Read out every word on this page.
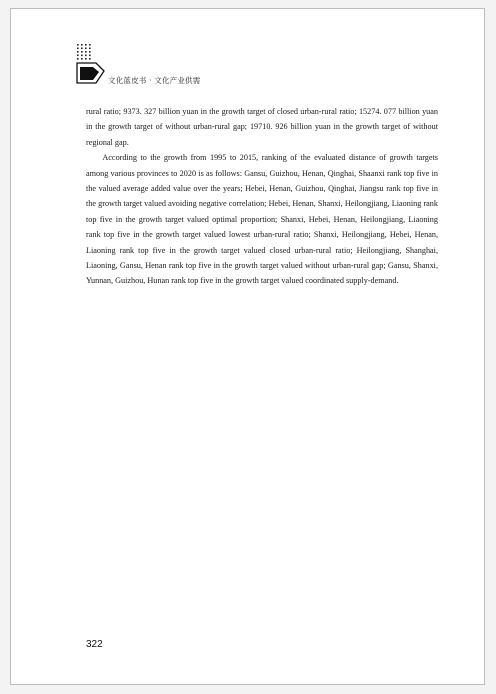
文化蓝皮书 · 文化产业供需

rural ratio; 9373. 327 billion yuan in the growth target of closed urban-rural ratio; 15274. 077 billion yuan in the growth target of without urban-rural gap; 19710. 926 billion yuan in the growth target of without regional gap.

According to the growth from 1995 to 2015, ranking of the evaluated distance of growth targets among various provinces to 2020 is as follows: Gansu, Guizhou, Henan, Qinghai, Shaanxi rank top five in the valued average added value over the years; Hebei, Henan, Guizhou, Qinghai, Jiangsu rank top five in the growth target valued avoiding negative correlation; Hebei, Henan, Shanxi, Heilongjiang, Liaoning rank top five in the growth target valued optimal proportion; Shanxi, Hebei, Henan, Heilongjiang, Liaoning rank top five in the growth target valued lowest urban-rural ratio; Shanxi, Heilongjiang, Hebei, Henan, Liaoning rank top five in the growth target valued closed urban-rural ratio; Heilongjiang, Shanghai, Liaoning, Gansu, Henan rank top five in the growth target valued without urban-rural gap; Gansu, Shanxi, Yunnan, Guizhou, Hunan rank top five in the growth target valued coordinated supply-demand.

322
